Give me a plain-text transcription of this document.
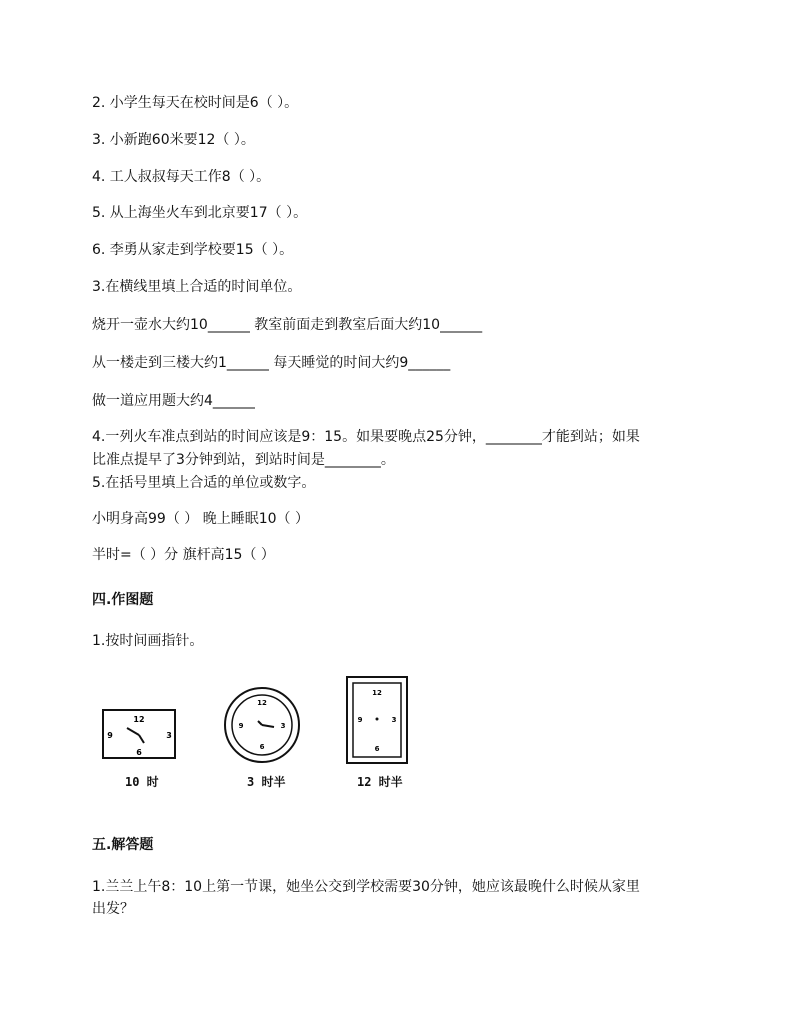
2. 小学生每天在校时间是6（ ）。
3. 小新跑60米要12（ ）。
4. 工人叔叔每天工作8（ ）。
5. 从上海坐火车到北京要17（ ）。
6. 李勇从家走到学校要15（ ）。
3.在横线里填上合适的时间单位。
烧开一壶水大约10______ 教室前面走到教室后面大约10______
从一楼走到三楼大约1______ 每天睡觉的时间大约9______
做一道应用题大约4______
4.一列火车准点到站的时间应该是9：15。如果要晚点25分钟，________才能到站；如果
比准点提早了3分钟到站，到站时间是________。
5.在括号里填上合适的单位或数字。
小明身高99（ ） 晚上睡眠10（ ）
半时=（ ）分 旗杆高15（ ）
四.作图题
1.按时间画指针。
12
3
6
9
10 时
12
3
6
9
3 时半
12
3
6
9
12 时半
五.解答题
1.兰兰上午8：10上第一节课，她坐公交到学校需要30分钟，她应该最晚什么时候从家里
出发？
